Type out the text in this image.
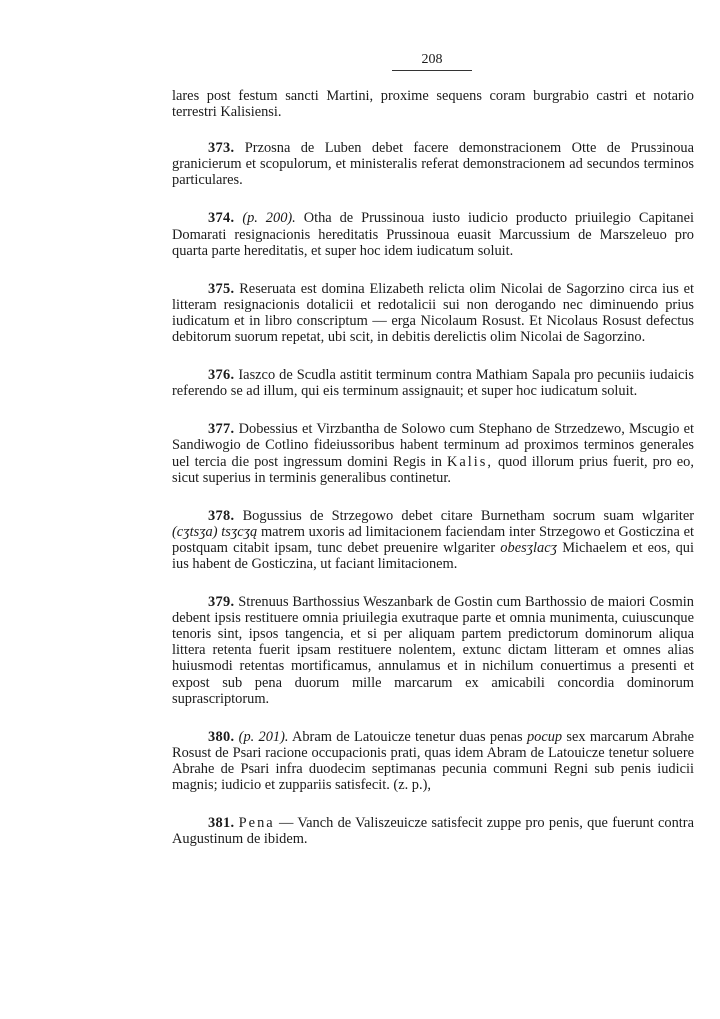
208

lares post festum sancti Martini, proxime sequens coram burgrabio castri et notario terrestri Kalisiensi.

373. Przosna de Luben debet facere demonstracionem Otte de Prusзinoua granicierum et scopulorum, et ministeralis referat demonstracionem ad secundos terminos particulares.

374. (p. 200). Otha de Prussinoua iusto iudicio producto priuilegio Capitanei Domarati resignacionis hereditatis Prussinoua euasit Marcussium de Marszeleuo pro quarta parte hereditatis, et super hoc idem iudicatum soluit.

375. Reseruata est domina Elizabeth relicta olim Nicolai de Sagorzino circa ius et litteram resignacionis dotalicii et redotalicii sui non derogando nec diminuendo prius iudicatum et in libro conscriptum — erga Nicolaum Rosust. Et Nicolaus Rosust defectus debitorum suorum repetat, ubi scit, in debitis derelictis olim Nicolai de Sagorzino.

376. Iaszco de Scudla astitit terminum contra Mathiam Sapala pro pecuniis iudaicis referendo se ad illum, qui eis terminum assignauit; et super hoc iudicatum soluit.

377. Dobessius et Virzbantha de Solowo cum Stephano de Strzedzewo, Mscugio et Sandiwogio de Cotlino fideiussoribus habent terminum ad proximos terminos generales uel tercia die post ingressum domini Regis in Kalis, quod illorum prius fuerit, pro eo, sicut superius in terminis generalibus continetur.

378. Bogussius de Strzegowo debet citare Burnetham socrum suam wlgariter (cʒtsʒa) tsʒcʒą matrem uxoris ad limitacionem faciendam inter Strzegowo et Gosticzina et postquam citabit ipsam, tunc debet preuenire wlgariter obesʒlacʒ Michaelem et eos, qui ius habent de Gosticzina, ut faciant limitacionem.

379. Strenuus Barthossius Weszanbark de Gostin cum Barthossio de maiori Cosmin debent ipsis restituere omnia priuilegia exutraque parte et omnia munimenta, cuiuscunque tenoris sint, ipsos tangencia, et si per aliquam partem predictorum dominorum aliqua littera retenta fuerit ipsam restituere nolentem, extunc dictam litteram et omnes alias huiusmodi retentas mortificamus, annulamus et in nichilum conuertimus a presenti et expost sub pena duorum mille marcarum ex amicabili concordia dominorum suprascriptorum.

380. (p. 201). Abram de Latouicze tenetur duas penas pocup sex marcarum Abrahe Rosust de Psari racione occupacionis prati, quas idem Abram de Latouicze tenetur soluere Abrahe de Psari infra duodecim septimanas pecunia communi Regni sub penis iudicii magnis; iudicio et zuppariis satisfecit. (z. p.),

381. Pena — Vanch de Valiszeuicze satisfecit zuppe pro penis, que fuerunt contra Augustinum de ibidem.
